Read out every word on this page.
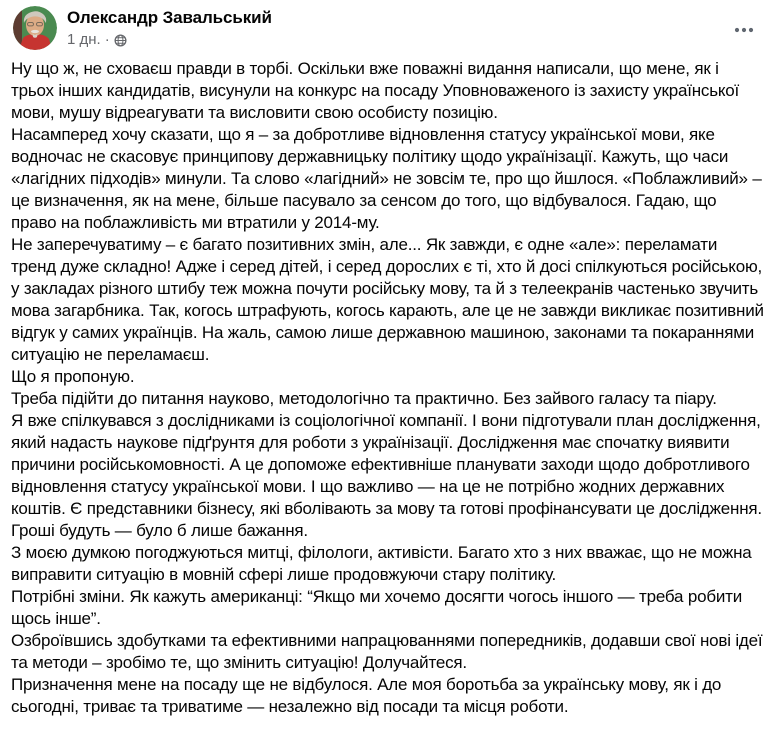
Олександр Завальський
1 дн. ·
Ну що ж, не сховаєш правди в торбі. Оскільки вже поважні видання написали, що мене, як і трьох інших кандидатів, висунули на конкурс на посаду Уповноваженого із захисту української мови, мушу відреагувати та висловити свою особисту позицію.
Насамперед хочу сказати, що я – за добротливе відновлення статусу української мови, яке водночас не скасовує принципову державницьку політику щодо українізації. Кажуть, що часи «лагідних підходів» минули. Та слово «лагідний» не зовсім те, про що йшлося. «Поблажливий» – це визначення, як на мене, більше пасувало за сенсом до того, що відбувалося. Гадаю, що право на поблажливість ми втратили у 2014-му.
Не заперечуватиму – є багато позитивних змін, але... Як завжди, є одне «але»: переламати тренд дуже складно! Адже і серед дітей, і серед дорослих є ті, хто й досі спілкуються російською, у закладах різного штибу теж можна почути російську мову, та й з телеекранів частенько звучить мова загарбника. Так, когось штрафують, когось карають, але це не завжди викликає позитивний відгук у самих українців. На жаль, самою лише державною машиною, законами та покараннями ситуацію не переламаєш.
Що я пропоную.
Треба підійти до питання науково, методологічно та практично. Без зайвого галасу та піару.
Я вже спілкувався з дослідниками із соціологічної компанії. І вони підготували план дослідження, який надасть наукове підґрунтя для роботи з українізації. Дослідження має спочатку виявити причини російськомовності. А це допоможе ефективніше планувати заходи щодо добротливого відновлення статусу української мови. І що важливо — на це не потрібно жодних державних коштів. Є представники бізнесу, які вболівають за мову та готові профінансувати це дослідження.
Гроші будуть — було б лише бажання.
З моєю думкою погоджуються митці, філологи, активісти. Багато хто з них вважає, що не можна виправити ситуацію в мовній сфері лише продовжуючи стару політику.
Потрібні зміни. Як кажуть американці: “Якщо ми хочемо досягти чогось іншого — треба робити щось інше”.
Озброївшись здобутками та ефективними напрацюваннями попередників, додавши свої нові ідеї та методи – зробімо те, що змінить ситуацію! Долучайтеся.
Призначення мене на посаду ще не відбулося. Але моя боротьба за українську мову, як і до сьогодні, триває та триватиме — незалежно від посади та місця роботи.
